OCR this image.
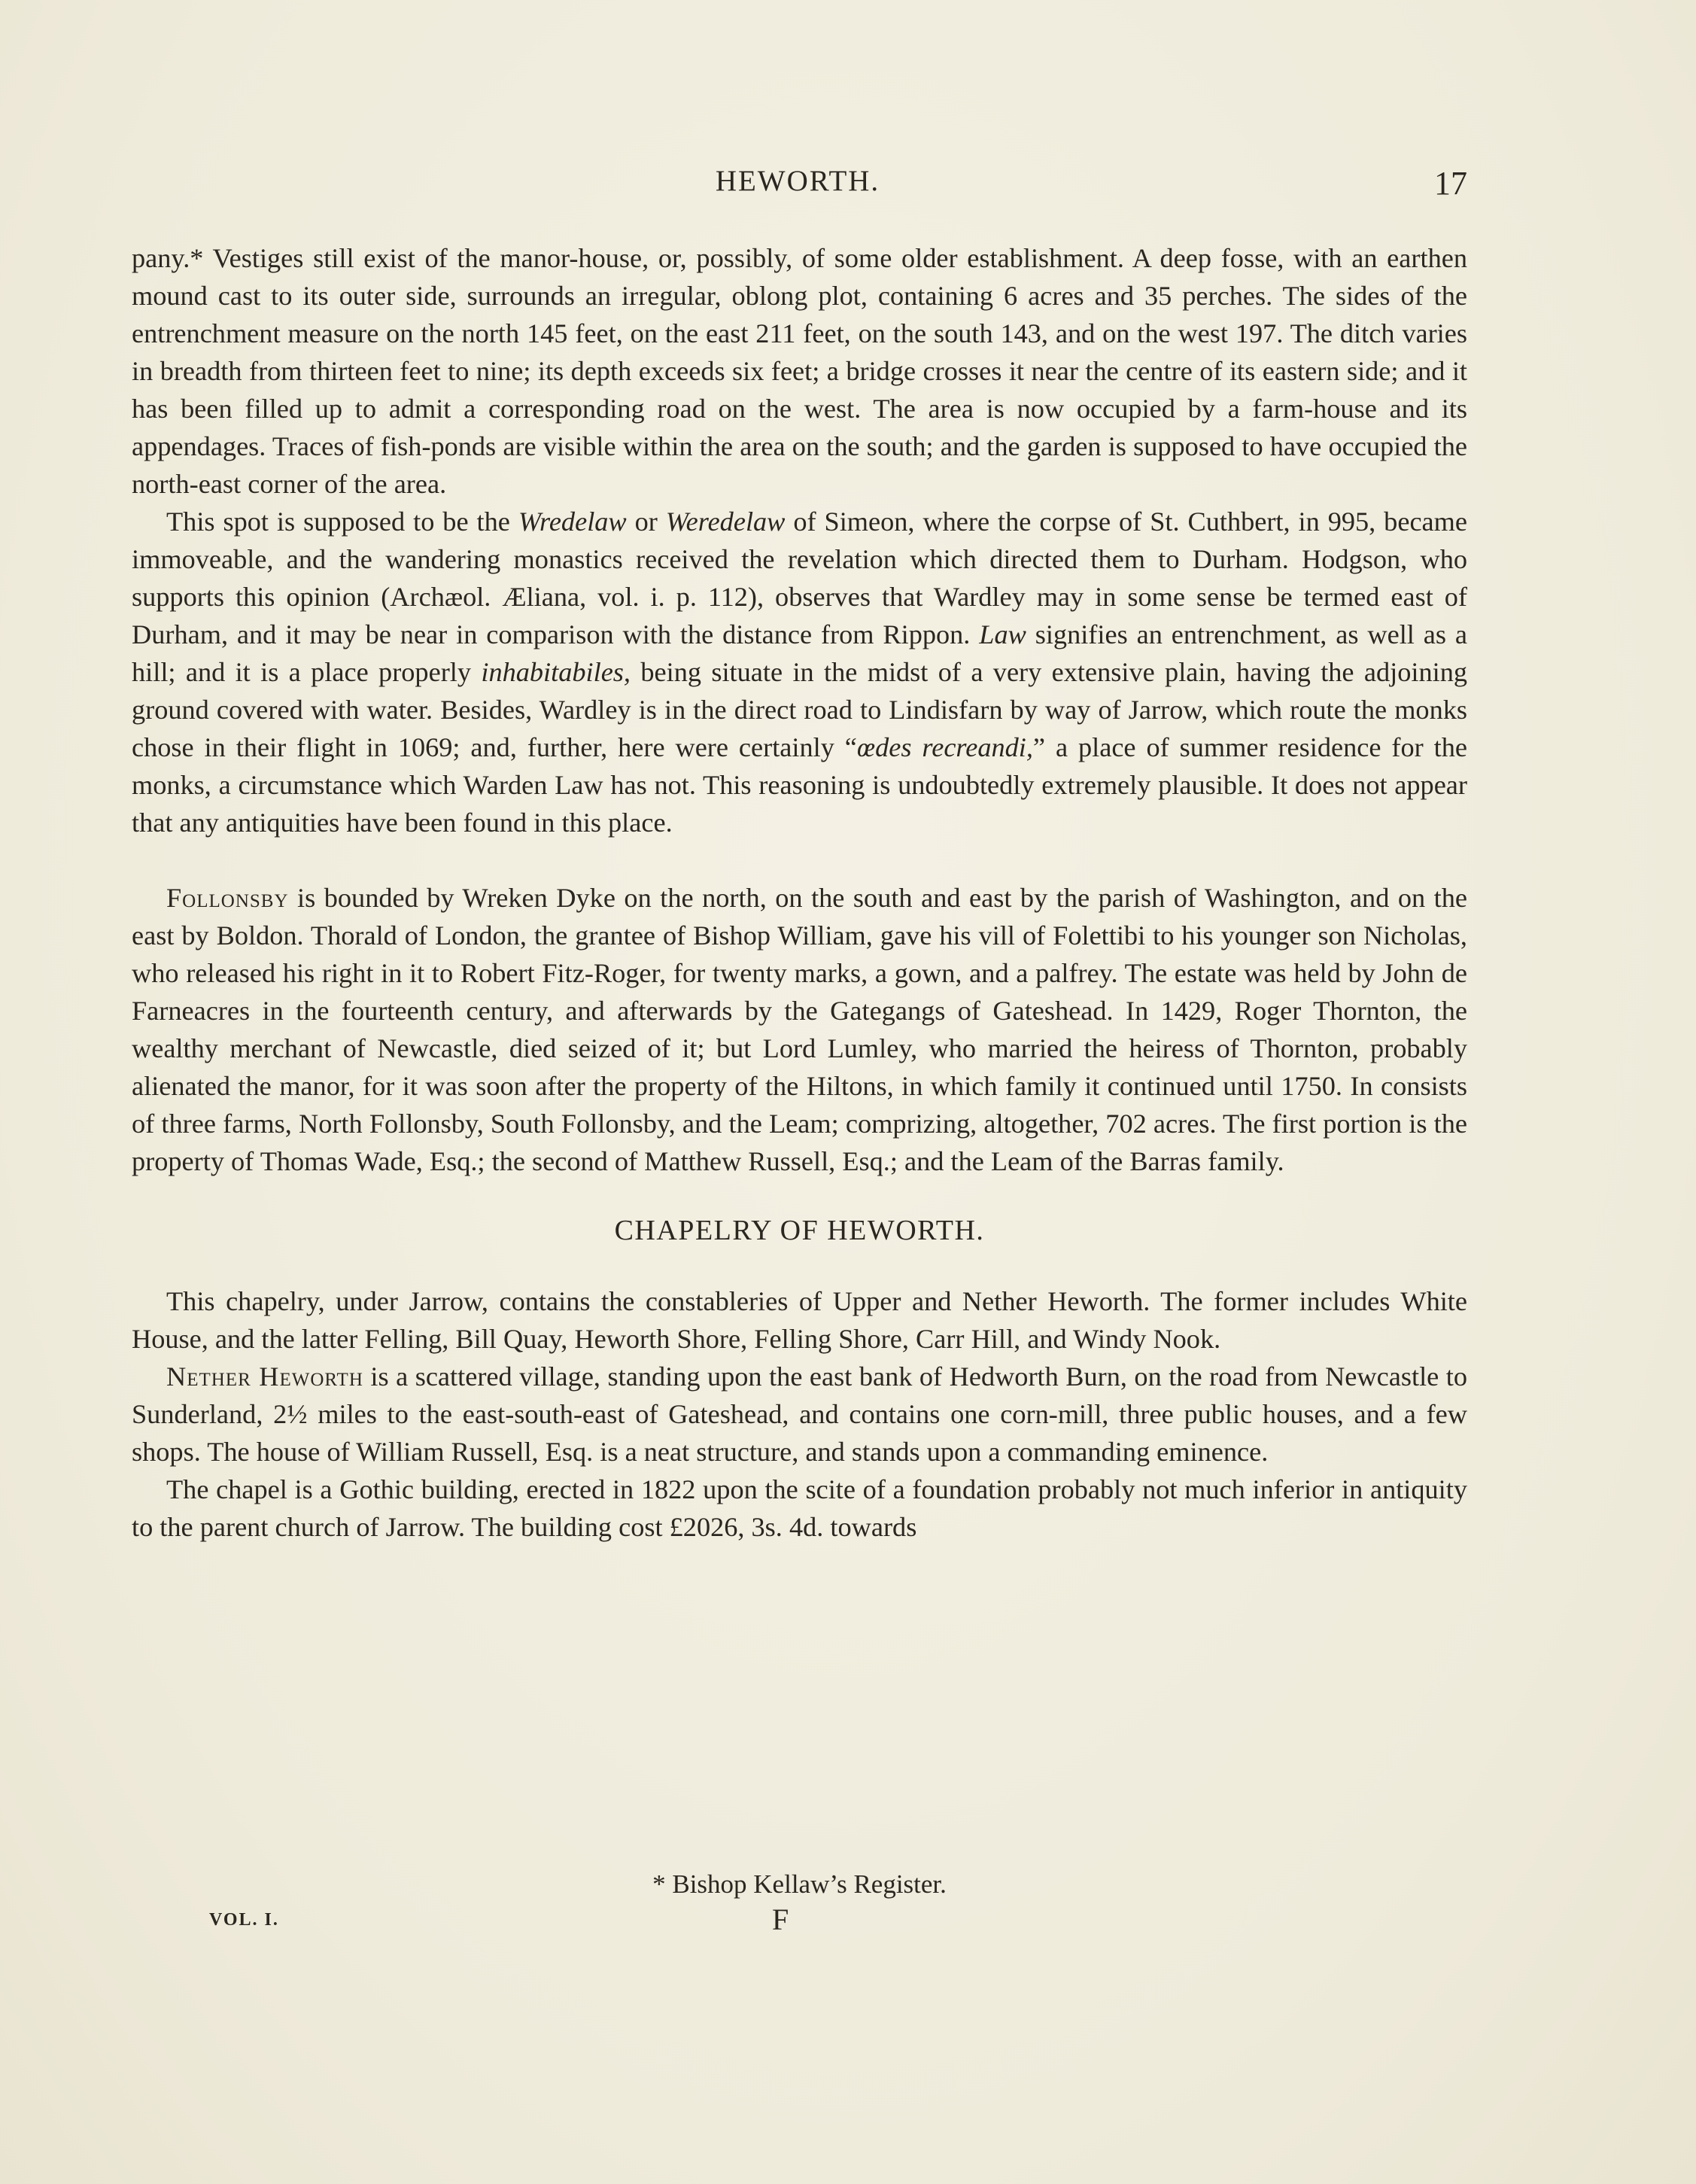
HEWORTH.	17

pany.* Vestiges still exist of the manor-house, or, possibly, of some older establishment. A deep fosse, with an earthen mound cast to its outer side, surrounds an irregular, oblong plot, containing 6 acres and 35 perches. The sides of the entrenchment measure on the north 145 feet, on the east 211 feet, on the south 143, and on the west 197. The ditch varies in breadth from thirteen feet to nine; its depth exceeds six feet; a bridge crosses it near the centre of its eastern side; and it has been filled up to admit a corresponding road on the west. The area is now occupied by a farm-house and its appendages. Traces of fish-ponds are visible within the area on the south; and the garden is supposed to have occupied the north-east corner of the area.

This spot is supposed to be the Wredelaw or Weredelaw of Simeon, where the corpse of St. Cuthbert, in 995, became immoveable, and the wandering monastics received the revelation which directed them to Durham. Hodgson, who supports this opinion (Archæol. Æliana, vol. i. p. 112), observes that Wardley may in some sense be termed east of Durham, and it may be near in comparison with the distance from Rippon. Law signifies an entrenchment, as well as a hill; and it is a place properly inhabitabiles, being situate in the midst of a very extensive plain, having the adjoining ground covered with water. Besides, Wardley is in the direct road to Lindisfarn by way of Jarrow, which route the monks chose in their flight in 1069; and, further, here were certainly “œdes recreandi,” a place of summer residence for the monks, a circumstance which Warden Law has not. This reasoning is undoubtedly extremely plausible. It does not appear that any antiquities have been found in this place.

Follonsby is bounded by Wreken Dyke on the north, on the south and east by the parish of Washington, and on the east by Boldon. Thorald of London, the grantee of Bishop William, gave his vill of Folettibi to his younger son Nicholas, who released his right in it to Robert Fitz-Roger, for twenty marks, a gown, and a palfrey. The estate was held by John de Farneacres in the fourteenth century, and afterwards by the Gategangs of Gateshead. In 1429, Roger Thornton, the wealthy merchant of Newcastle, died seized of it; but Lord Lumley, who married the heiress of Thornton, probably alienated the manor, for it was soon after the property of the Hiltons, in which family it continued until 1750. In consists of three farms, North Follonsby, South Follonsby, and the Leam; comprizing, altogether, 702 acres. The first portion is the property of Thomas Wade, Esq.; the second of Matthew Russell, Esq.; and the Leam of the Barras family.

CHAPELRY OF HEWORTH.

This chapelry, under Jarrow, contains the constableries of Upper and Nether Heworth. The former includes White House, and the latter Felling, Bill Quay, Heworth Shore, Felling Shore, Carr Hill, and Windy Nook.

Nether Heworth is a scattered village, standing upon the east bank of Hedworth Burn, on the road from Newcastle to Sunderland, 2½ miles to the east-south-east of Gateshead, and contains one corn-mill, three public houses, and a few shops. The house of William Russell, Esq. is a neat structure, and stands upon a commanding eminence.

The chapel is a Gothic building, erected in 1822 upon the scite of a foundation probably not much inferior in antiquity to the parent church of Jarrow. The building cost £2026, 3s. 4d. towards

* Bishop Kellaw’s Register.
VOL. I.	F
